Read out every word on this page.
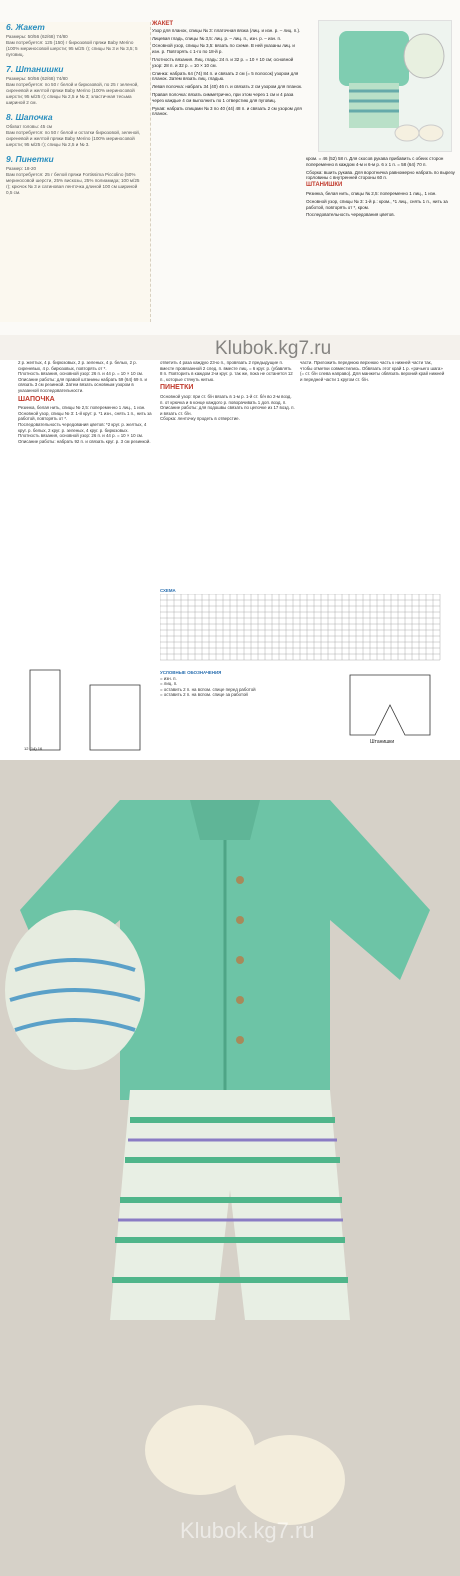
6. Жакет
Размеры: 50/56 (62/68) 74/80
Вам потребуется: 125 (150) г бирюзовой пряжи Baby Merino (100% мериносовой шерсти; 95 м/25 г); спицы № 3 и № 3,5; 5 пуговиц.
7. Штанишки
Размеры: 50/56 (62/68) 74/80
Вам потребуется: по 50 г белой и бирюзовой, по 25 г зеленой, сиреневой и желтой пряжи Baby Merino (100% мериносовой шерсти; 95 м/25 г); спицы № 2,5 и № 3; эластичная тесьма шириной 2 см.
8. Шапочка
Обхват головы: 45 см
Вам потребуется: по 50 г белой и остатки бирюзовой, зеленой, сиреневой и желтой пряжи Baby Merino (100% мериносовой шерсти; 95 м/25 г); спицы № 2,5 и № 3.
9. Пинетки
Размер: 18-20
Вам потребуется: 25 г белой пряжи Fortissima Piccolino (50% мериносовой шерсти, 25% вискозы, 25% полиамида; 100 м/25 г); крючок № 3 и сатиновая ленточка длиной 100 см шириной 0,5 см.
ЖАКЕТ
Узор для планок, спицы № 3: платочная вязка (лиц. и изн. р. – лиц. п.).
Лицевая гладь, спицы № 3,5: лиц. р. – лиц. п., изн. р. – изн. п.
Основной узор, спицы № 3,5: вязать по схеме. В ней указаны лиц. и изн. р. Повторять с 1-го по 18-й р.
Плотность вязания. Лиц. гладь: 24 п. и 32 р. = 10 × 10 см; основной узор: 28 п. и 32 р. = 10 × 10 см.
Спинка: набрать 64 (74) 84 п. и связать 2 см (= 5 полосок) узором для планок. Затем вязать лиц. гладью.
Левая полочка: набрать 34 (40) 46 п. и связать 2 см узором для планок.
Правая полочка: вязать симметрично, при этом через 1 см и 4 раза через каждые 4 см выполнить по 1 отверстию для пуговиц.
Рукав: набрать спицами № 3 по 40 (44) 48 п. и связать 2 см узором для планок.
кром. = 46 (52) 58 п. Для скосов рукава прибавить с обеих сторон попеременно в каждом 4-м и 6-м р. 6 х 1 п. = 58 (64) 70 п.
Сборка: вшить рукава. Для воротничка равномерно набрать по вырезу горловины с внутренней стороны 60 п.
ШТАНИШКИ
Резинка, белая нить, спицы № 2,5: попеременно 1 лиц., 1 изн.
Основной узор, спицы № 3: 1-й р.: кром., *1 лиц., снять 1 п., нить за работой, повторять от *, кром.
Последовательность чередования цветов.
Klubok.kg7.ru
2 р. желтых, 4 р. бирюзовых, 2 р. зеленых, 4 р. белых, 2 р. сиреневых, 4 р. бирюзовых, повторять от *.
Плотность вязания, основной узор: 26 п. и 44 р. = 10 × 10 см.
Описание работы: для правой штанины набрать 59 (64) 69 п. и связать 3 см резинкой. Затем вязать основным узором в указанной последовательности.
ШАПОЧКА
Резинка, белая нить, спицы № 2,5: попеременно 1 лиц., 1 изн.
Основной узор, спицы № 3: 1-й круг: р. *1 изн., снять 1 п., нить за работой, повторять от *.
Последовательность чередования цветов: *2 круг. р. желтых, 4 круг. р. белых, 2 круг. р. зеленых, 4 круг. р. бирюзовых.
Плотность вязания, основной узор: 26 п. и 44 р. = 10 × 10 см.
Описание работы: набрать 92 п. и связать круг. р. 3 см резинкой.
ответить 4 раза каждую 23-ю п., провязать 2 предыдущие п. вместе провязанной 2 след. п. вместе лиц. = 6 круг. р. (убавлять 8 п. Повторить в каждом 2-м круг. р. так же, пока не останется 12 п., которые стянуть нитью.
ПИНЕТКИ
Основной узор: при ст. б/н вязать в 1-м р. 1-й ст. б/н во 2-м возд. п. от крючка и в конце каждого р. поворачивать 1 доп. возд. п.
Описание работы: для подошвы связать по цепочке из 17 возд. п. и вязать ст. б/н.
Сборка: ленточку продеть в отверстие.
части. Приложить переднюю верхнюю часть к нижней части так, чтобы отметки совместились. Обвязать этот край 1 р. «рачьего шага» (= ст. б/н слева направо). Для манжеты обвязать верхний край нижней и передней части 1 кругом ст. б/н.
СХЕМА
УСЛОВНЫЕ ОБОЗНАЧЕНИЯ
= изн. п.
= лиц. п.
= оставить 2 п. на вспом. спице перед работой
= оставить 2 п. на вспом. спице за работой
Штанишки
12 (14) 16
Klubok.kg7.ru
